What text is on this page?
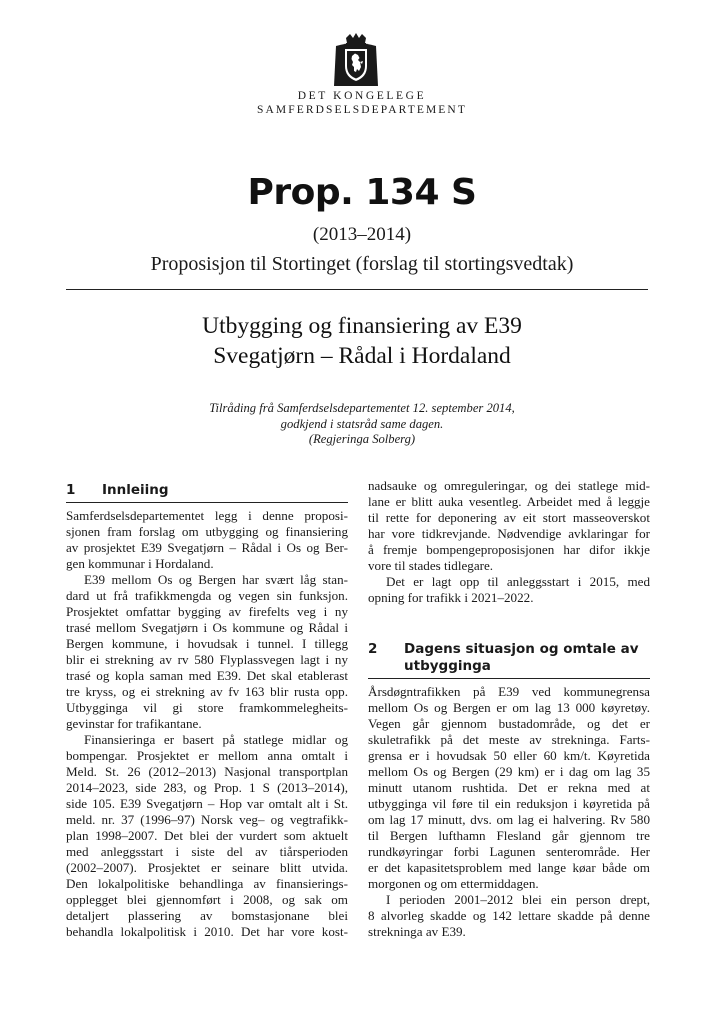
DET KONGELEGE
SAMFERDSELSDEPARTEMENT
Prop. 134 S
(2013–2014)
Proposisjon til Stortinget (forslag til stortingsvedtak)
Utbygging og finansiering av E39
Svegatjørn – Rådal i Hordaland
Tilråding frå Samferdselsdepartementet 12. september 2014,
godkjend i statsråd same dagen.
(Regjeringa Solberg)
1	Innleiing
Samferdselsdepartementet legg i denne proposi-
sjonen fram forslag om utbygging og finansiering
av prosjektet E39 Svegatjørn – Rådal i Os og Ber-
gen kommunar i Hordaland.
E39 mellom Os og Bergen har svært låg stan-
dard ut frå trafikkmengda og vegen sin funksjon.
Prosjektet omfattar bygging av firefelts veg i ny
trasé mellom Svegatjørn i Os kommune og Rådal i
Bergen kommune, i hovudsak i tunnel. I tillegg
blir ei strekning av rv 580 Flyplassvegen lagt i ny
trasé og kopla saman med E39. Det skal etablerast
tre kryss, og ei strekning av fv 163 blir rusta opp.
Utbygginga vil gi store framkommelegheits-
gevinstar for trafikantane.
Finansieringa er basert på statlege midlar og
bompengar. Prosjektet er mellom anna omtalt i
Meld. St. 26 (2012–2013) Nasjonal transportplan
2014–2023, side 283, og Prop. 1 S (2013–2014),
side 105. E39 Svegatjørn – Hop var omtalt alt i St.
meld. nr. 37 (1996–97) Norsk veg– og vegtrafikk-
plan 1998–2007. Det blei der vurdert som aktuelt
med anleggsstart i siste del av tiårsperioden
(2002–2007). Prosjektet er seinare blitt utvida.
Den lokalpolitiske behandlinga av finansierings-
opplegget blei gjennomført i 2008, og sak om
detaljert plassering av bomstasjonane blei
behandla lokalpolitisk i 2010. Det har vore kost-
nadsauke og omreguleringar, og dei statlege mid-
lane er blitt auka vesentleg. Arbeidet med å leggje
til rette for deponering av eit stort masseoverskot
har vore tidkrevjande. Nødvendige avklaringar for
å fremje bompengeproposisjonen har difor ikkje
vore til stades tidlegare.
Det er lagt opp til anleggsstart i 2015, med
opning for trafikk i 2021–2022.
2	Dagens situasjon og omtale av
utbygginga
Årsdøgntrafikken på E39 ved kommunegrensa
mellom Os og Bergen er om lag 13 000 køyretøy.
Vegen går gjennom bustadområde, og det er
skuletrafikk på det meste av strekninga. Farts-
grensa er i hovudsak 50 eller 60 km/t. Køyretida
mellom Os og Bergen (29 km) er i dag om lag 35
minutt utanom rushtida. Det er rekna med at
utbygginga vil føre til ein reduksjon i køyretida på
om lag 17 minutt, dvs. om lag ei halvering. Rv 580
til Bergen lufthamn Flesland går gjennom tre
rundkøyringar forbi Lagunen senterområde. Her
er det kapasitetsproblem med lange køar både om
morgonen og om ettermiddagen.
I perioden 2001–2012 blei ein person drept,
8 alvorleg skadde og 142 lettare skadde på denne
strekninga av E39.
